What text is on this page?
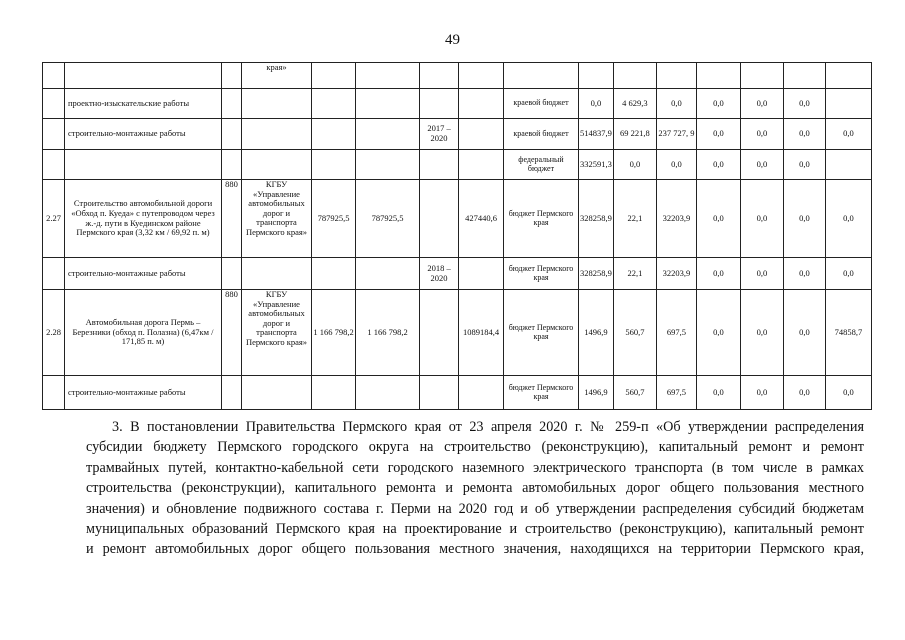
49
			края»												
	проектно-изыскательские работы							краевой бюджет	0,0	4 629,3	0,0	0,0	0,0	0,0	
	строительно-монтажные работы					2017 – 2020		краевой бюджет	514837,9	69 221,8	237 727, 9	0,0	0,0	0,0	0,0
								федеральный бюджет	332591,3	0,0	0,0	0,0	0,0	0,0	
2.27	Строительство автомобильной дороги «Обход п. Куеда» с путепроводом через ж.-д. пути в Куединском районе Пермского края (3,32 км / 69,92 п. м)	880	КГБУ «Управление автомобильных дорог и транспорта Пермского края»	787925,5	787925,5		427440,6	бюджет Пермского края	328258,9	22,1	32203,9	0,0	0,0	0,0	0,0
	строительно-монтажные работы					2018 – 2020		бюджет Пермского края	328258,9	22,1	32203,9	0,0	0,0	0,0	0,0
2.28	Автомобильная дорога Пермь – Березники (обход п. Полазна) (6,47км / 171,85 п. м)	880	КГБУ «Управление автомобильных дорог и транспорта Пермского края»	1 166 798,2	1 166 798,2		1089184,4	бюджет Пермского края	1496,9	560,7	697,5	0,0	0,0	0,0	74858,7
	строительно-монтажные работы							бюджет Пермского края	1496,9	560,7	697,5	0,0	0,0	0,0	0,0
3. В постановлении Правительства Пермского края от 23 апреля 2020 г. № 259-п «Об утверждении распределения
субсидии бюджету Пермского городского округа на строительство (реконструкцию), капитальный ремонт и ремонт
трамвайных путей, контактно-кабельной сети городского наземного электрического транспорта (в том числе в рамках
строительства (реконструкции), капитального ремонта и ремонта автомобильных дорог общего пользования местного
значения) и обновление подвижного состава г. Перми на 2020 год и об утверждении распределения субсидий бюджетам
муниципальных образований Пермского края на проектирование и строительство (реконструкцию), капитальный ремонт
и ремонт автомобильных дорог общего пользования местного значения, находящихся на территории Пермского края,
